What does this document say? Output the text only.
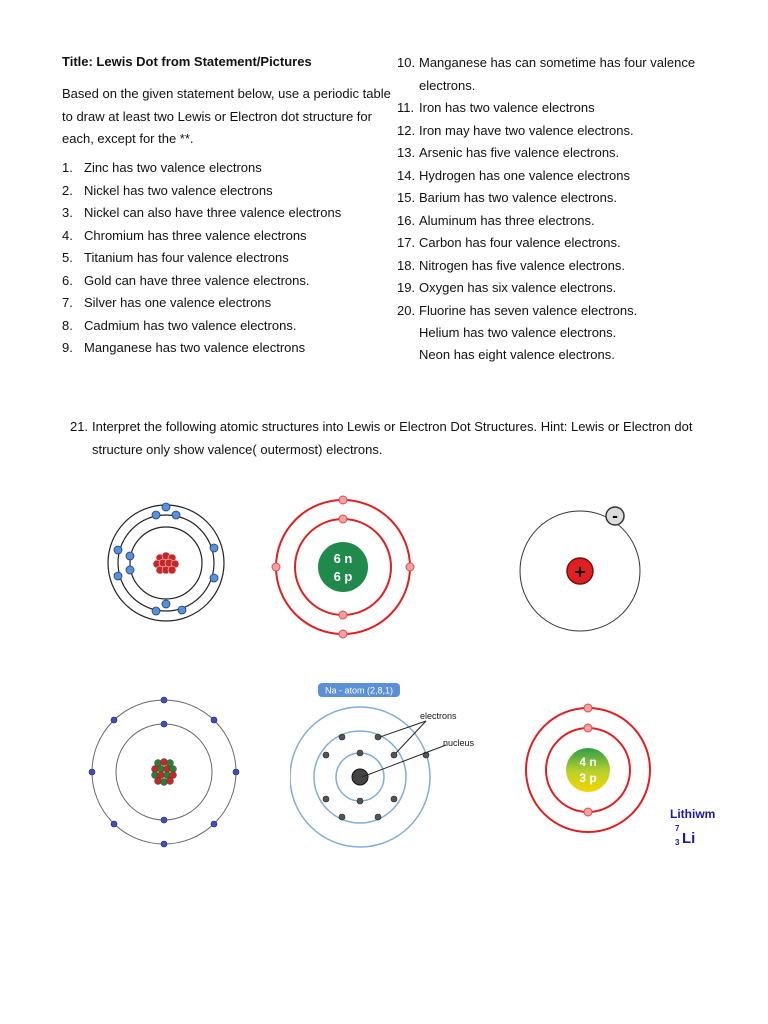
Title: Lewis Dot from Statement/Pictures
Based on the given statement below, use a periodic table to draw at least two Lewis or Electron dot structure for each, except for the **.
1. Zinc has two valence electrons
2. Nickel has two valence electrons
3. Nickel can also have three valence electrons
4. Chromium has three valence electrons
5. Titanium has four valence electrons
6. Gold can have three valence electrons.
7. Silver has one valence electrons
8. Cadmium has two valence electrons.
9. Manganese has two valence electrons
10. Manganese has can sometime has four valence electrons.
11. Iron has two valence electrons
12. Iron may have two valence electrons.
13. Arsenic has five valence electrons.
14. Hydrogen has one valence electrons
15. Barium has two valence electrons.
16. Aluminum has three electrons.
17. Carbon has four valence electrons.
18. Nitrogen has five valence electrons.
19. Oxygen has six valence electrons.
20. Fluorine has seven valence electrons.
Helium has two valence electrons.
Neon has eight valence electrons.
21. Interpret the following atomic structures into Lewis or Electron Dot Structures. Hint: Lewis or Electron dot structure only show valence( outermost) electrons.
6 n
6 p	+
-
Na - atom (2,8,1)
electrons
nucleus
4 n
3 p
Lithiwm
7
3 Li
